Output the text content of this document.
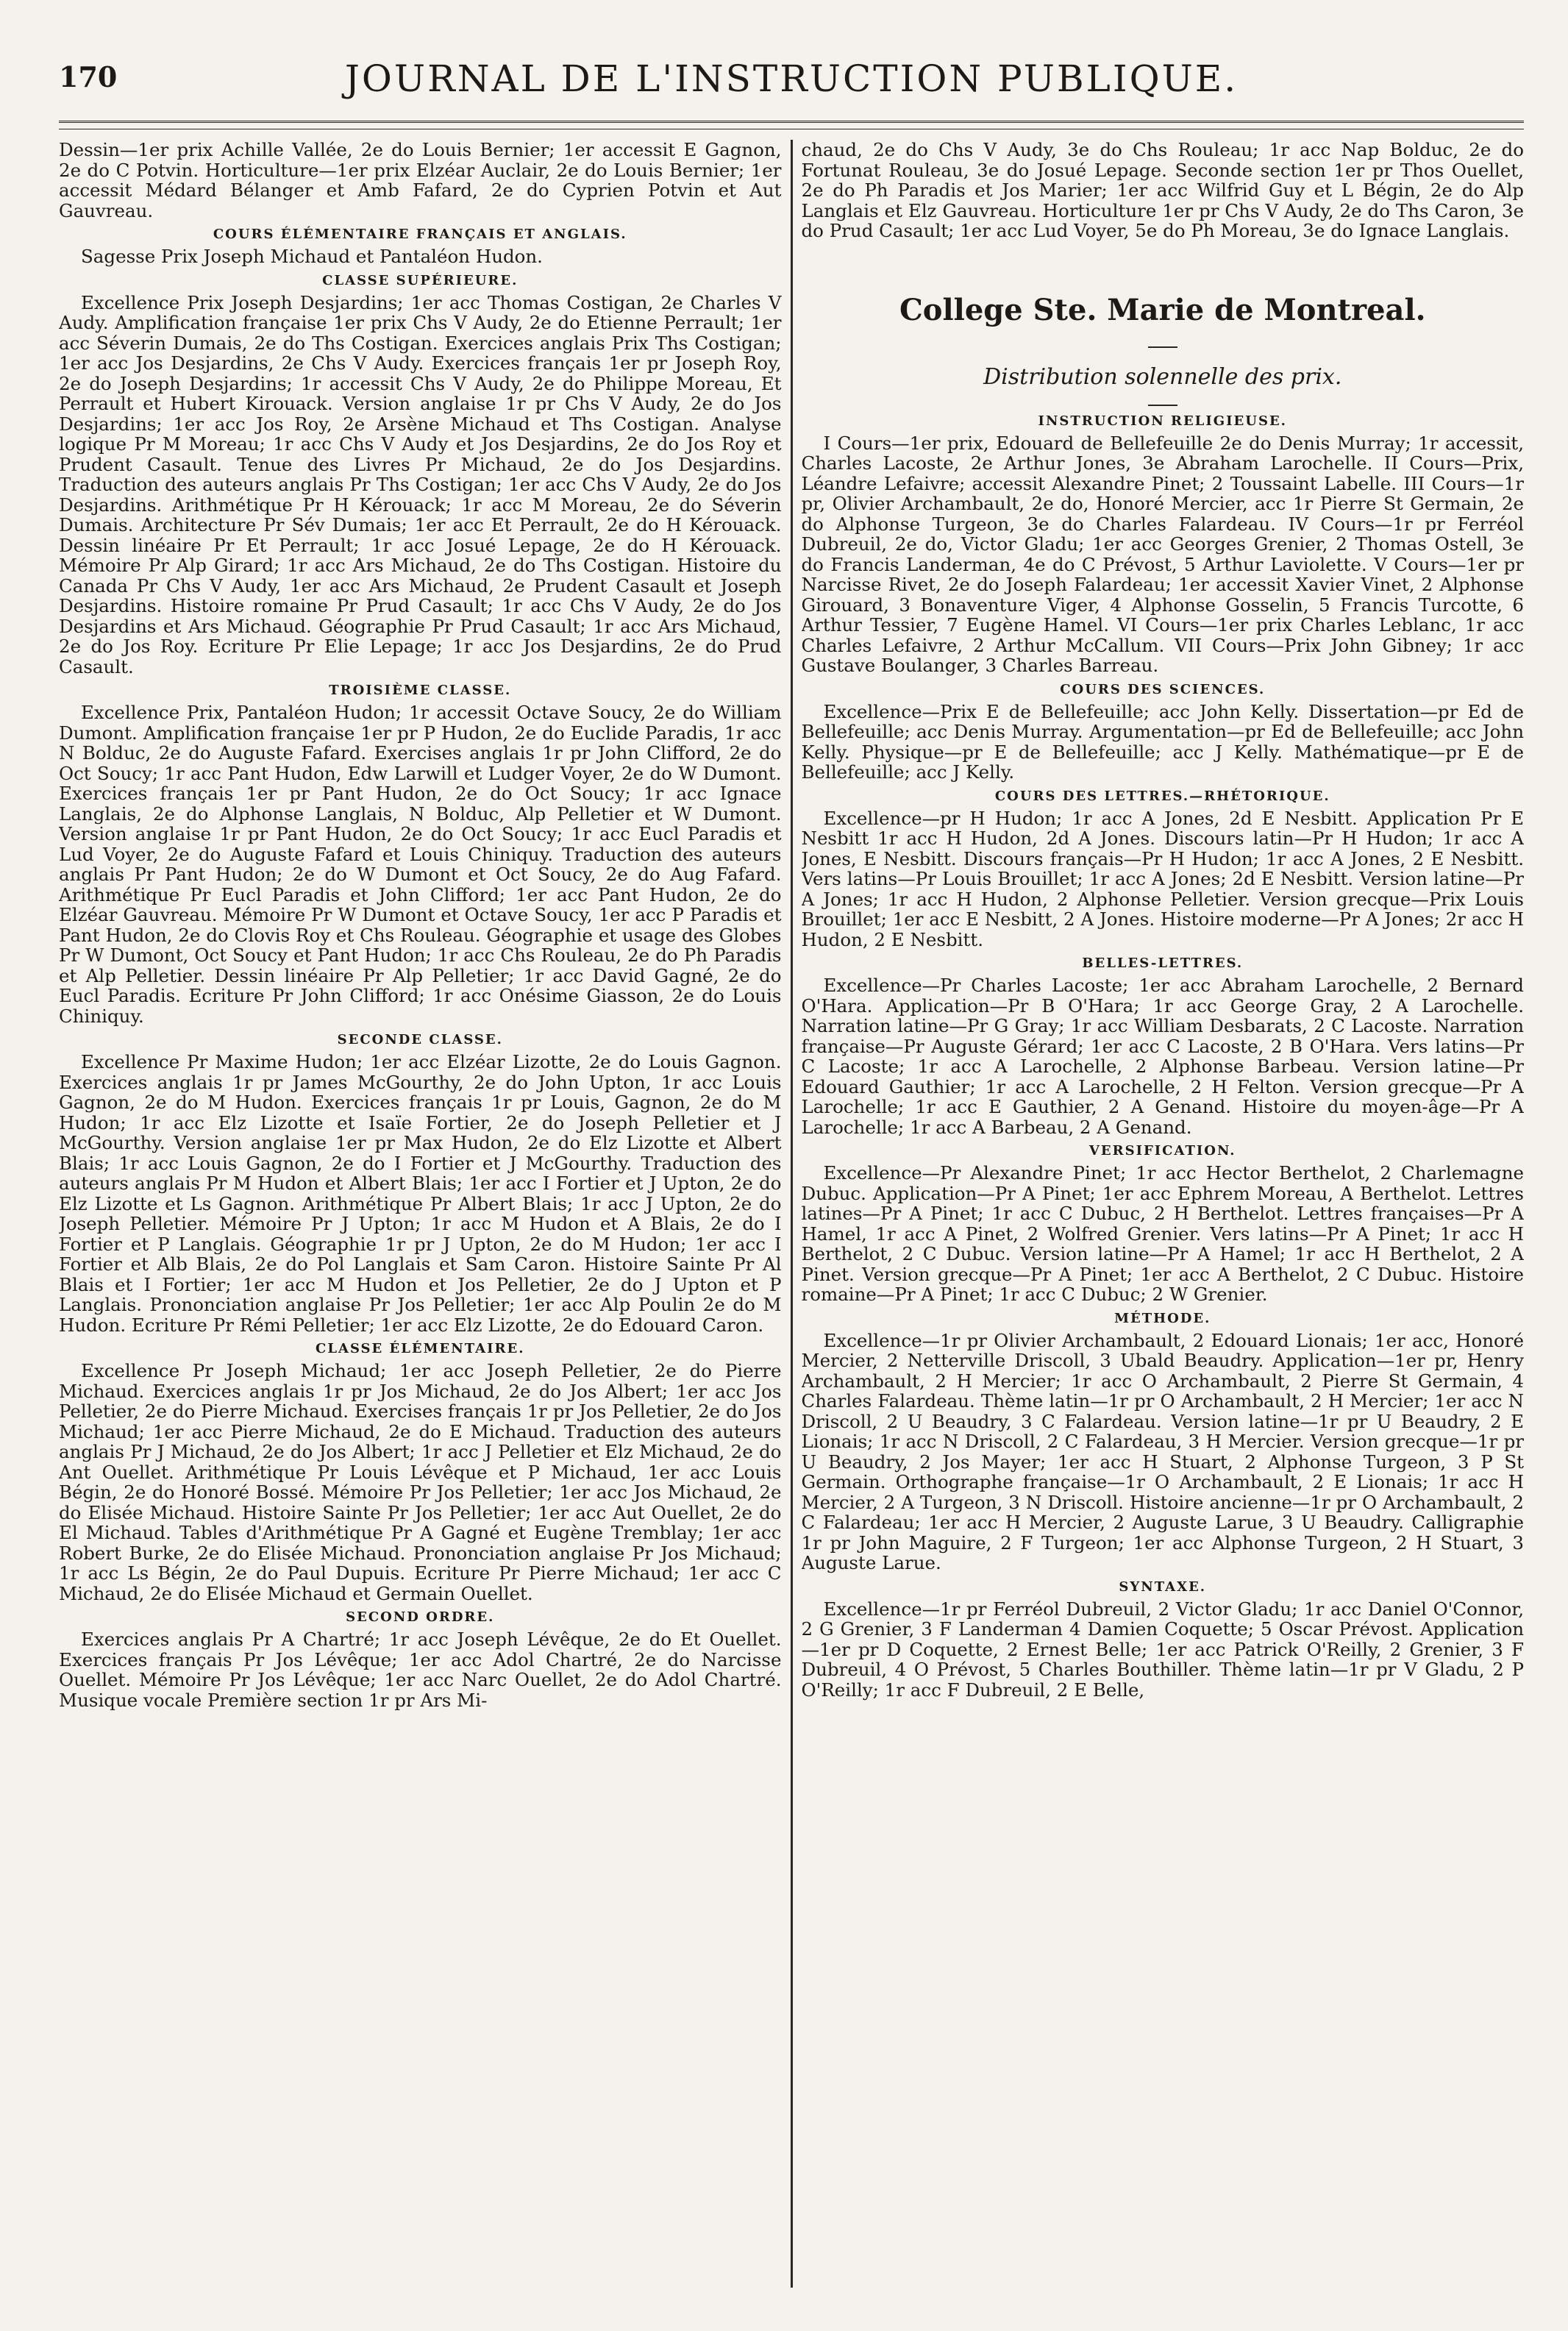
170	JOURNAL DE L'INSTRUCTION PUBLIQUE.

Dessin—1er prix Achille Vallée, 2e do Louis Bernier; 1er accessit E Gagnon, 2e do C Potvin. Horticulture—1er prix Elzéar Auclair, 2e do Louis Bernier; 1er accessit Médard Bélanger et Amb Fafard, 2e do Cyprien Potvin et Aut Gauvreau.

COURS ÉLÉMENTAIRE FRANÇAIS ET ANGLAIS.

Sagesse Prix Joseph Michaud et Pantaléon Hudon.

CLASSE SUPÉRIEURE.

Excellence Prix Joseph Desjardins; 1er acc Thomas Costigan, 2e Charles V Audy. Amplification française 1er prix Chs V Audy, 2e do Etienne Perrault; 1er acc Séverin Dumais, 2e do Ths Costigan. Exercices anglais Prix Ths Costigan; 1er acc Jos Desjardins, 2e Chs V Audy. Exercices français 1er pr Joseph Roy, 2e do Joseph Desjardins; 1r accessit Chs V Audy, 2e do Philippe Moreau, Et Perrault et Hubert Kirouack. Version anglaise 1r pr Chs V Audy, 2e do Jos Desjardins; 1er acc Jos Roy, 2e Arsène Michaud et Ths Costigan. Analyse logique Pr M Moreau; 1r acc Chs V Audy et Jos Desjardins, 2e do Jos Roy et Prudent Casault. Tenue des Livres Pr Michaud, 2e do Jos Desjardins. Traduction des auteurs anglais Pr Ths Costigan; 1er acc Chs V Audy, 2e do Jos Desjardins. Arithmétique Pr H Kérouack; 1r acc M Moreau, 2e do Séverin Dumais. Architecture Pr Sév Dumais; 1er acc Et Perrault, 2e do H Kérouack. Dessin linéaire Pr Et Perrault; 1r acc Josué Lepage, 2e do H Kérouack. Mémoire Pr Alp Girard; 1r acc Ars Michaud, 2e do Ths Costigan. Histoire du Canada Pr Chs V Audy, 1er acc Ars Michaud, 2e Prudent Casault et Joseph Desjardins. Histoire romaine Pr Prud Casault; 1r acc Chs V Audy, 2e do Jos Desjardins et Ars Michaud. Géographie Pr Prud Casault; 1r acc Ars Michaud, 2e do Jos Roy. Ecriture Pr Elie Lepage; 1r acc Jos Desjardins, 2e do Prud Casault.

TROISIÈME CLASSE.

Excellence Prix, Pantaléon Hudon; 1r accessit Octave Soucy, 2e do William Dumont. Amplification française 1er pr P Hudon, 2e do Euclide Paradis, 1r acc N Bolduc, 2e do Auguste Fafard. Exercises anglais 1r pr John Clifford, 2e do Oct Soucy; 1r acc Pant Hudon, Edw Larwill et Ludger Voyer, 2e do W Dumont. Exercices français 1er pr Pant Hudon, 2e do Oct Soucy; 1r acc Ignace Langlais, 2e do Alphonse Langlais, N Bolduc, Alp Pelletier et W Dumont. Version anglaise 1r pr Pant Hudon, 2e do Oct Soucy; 1r acc Eucl Paradis et Lud Voyer, 2e do Auguste Fafard et Louis Chiniquy. Traduction des auteurs anglais Pr Pant Hudon; 2e do W Dumont et Oct Soucy, 2e do Aug Fafard. Arithmétique Pr Eucl Paradis et John Clifford; 1er acc Pant Hudon, 2e do Elzéar Gauvreau. Mémoire Pr W Dumont et Octave Soucy, 1er acc P Paradis et Pant Hudon, 2e do Clovis Roy et Chs Rouleau. Géographie et usage des Globes Pr W Dumont, Oct Soucy et Pant Hudon; 1r acc Chs Rouleau, 2e do Ph Paradis et Alp Pelletier. Dessin linéaire Pr Alp Pelletier; 1r acc David Gagné, 2e do Eucl Paradis. Ecriture Pr John Clifford; 1r acc Onésime Giasson, 2e do Louis Chiniquy.

SECONDE CLASSE.

Excellence Pr Maxime Hudon; 1er acc Elzéar Lizotte, 2e do Louis Gagnon. Exercices anglais 1r pr James McGourthy, 2e do John Upton, 1r acc Louis Gagnon, 2e do M Hudon. Exercices français 1r pr Louis, Gagnon, 2e do M Hudon; 1r acc Elz Lizotte et Isaïe Fortier, 2e do Joseph Pelletier et J McGourthy. Version anglaise 1er pr Max Hudon, 2e do Elz Lizotte et Albert Blais; 1r acc Louis Gagnon, 2e do I Fortier et J McGourthy. Traduction des auteurs anglais Pr M Hudon et Albert Blais; 1er acc I Fortier et J Upton, 2e do Elz Lizotte et Ls Gagnon. Arithmétique Pr Albert Blais; 1r acc J Upton, 2e do Joseph Pelletier. Mémoire Pr J Upton; 1r acc M Hudon et A Blais, 2e do I Fortier et P Langlais. Géographie 1r pr J Upton, 2e do M Hudon; 1er acc I Fortier et Alb Blais, 2e do Pol Langlais et Sam Caron. Histoire Sainte Pr Al Blais et I Fortier; 1er acc M Hudon et Jos Pelletier, 2e do J Upton et P Langlais. Prononciation anglaise Pr Jos Pelletier; 1er acc Alp Poulin 2e do M Hudon. Ecriture Pr Rémi Pelletier; 1er acc Elz Lizotte, 2e do Edouard Caron.

CLASSE ÉLÉMENTAIRE.

Excellence Pr Joseph Michaud; 1er acc Joseph Pelletier, 2e do Pierre Michaud. Exercices anglais 1r pr Jos Michaud, 2e do Jos Albert; 1er acc Jos Pelletier, 2e do Pierre Michaud. Exercises français 1r pr Jos Pelletier, 2e do Jos Michaud; 1er acc Pierre Michaud, 2e do E Michaud. Traduction des auteurs anglais Pr J Michaud, 2e do Jos Albert; 1r acc J Pelletier et Elz Michaud, 2e do Ant Ouellet. Arithmétique Pr Louis Lévêque et P Michaud, 1er acc Louis Bégin, 2e do Honoré Bossé. Mémoire Pr Jos Pelletier; 1er acc Jos Michaud, 2e do Elisée Michaud. Histoire Sainte Pr Jos Pelletier; 1er acc Aut Ouellet, 2e do El Michaud. Tables d'Arithmétique Pr A Gagné et Eugène Tremblay; 1er acc Robert Burke, 2e do Elisée Michaud. Prononciation anglaise Pr Jos Michaud; 1r acc Ls Bégin, 2e do Paul Dupuis. Ecriture Pr Pierre Michaud; 1er acc C Michaud, 2e do Elisée Michaud et Germain Ouellet.

SECOND ORDRE.

Exercices anglais Pr A Chartré; 1r acc Joseph Lévêque, 2e do Et Ouellet. Exercices français Pr Jos Lévêque; 1er acc Adol Chartré, 2e do Narcisse Ouellet. Mémoire Pr Jos Lévêque; 1er acc Narc Ouellet, 2e do Adol Chartré. Musique vocale Première section 1r pr Ars Mi-

chaud, 2e do Chs V Audy, 3e do Chs Rouleau; 1r acc Nap Bolduc, 2e do Fortunat Rouleau, 3e do Josué Lepage. Seconde section 1er pr Thos Ouellet, 2e do Ph Paradis et Jos Marier; 1er acc Wilfrid Guy et L Bégin, 2e do Alp Langlais et Elz Gauvreau. Horticulture 1er pr Chs V Audy, 2e do Ths Caron, 3e do Prud Casault; 1er acc Lud Voyer, 5e do Ph Moreau, 3e do Ignace Langlais.

College Ste. Marie de Montreal.
Distribution solennelle des prix.
INSTRUCTION RELIGIEUSE.

I Cours—1er prix, Edouard de Bellefeuille 2e do Denis Murray; 1r accessit, Charles Lacoste, 2e Arthur Jones, 3e Abraham Larochelle. II Cours—Prix, Léandre Lefaivre; accessit Alexandre Pinet; 2 Toussaint Labelle. III Cours—1r pr, Olivier Archambault, 2e do, Honoré Mercier, acc 1r Pierre St Germain, 2e do Alphonse Turgeon, 3e do Charles Falardeau. IV Cours—1r pr Ferréol Dubreuil, 2e do, Victor Gladu; 1er acc Georges Grenier, 2 Thomas Ostell, 3e do Francis Landerman, 4e do C Prévost, 5 Arthur Laviolette. V Cours—1er pr Narcisse Rivet, 2e do Joseph Falardeau; 1er accessit Xavier Vinet, 2 Alphonse Girouard, 3 Bonaventure Viger, 4 Alphonse Gosselin, 5 Francis Turcotte, 6 Arthur Tessier, 7 Eugène Hamel. VI Cours—1er prix Charles Leblanc, 1r acc Charles Lefaivre, 2 Arthur McCallum. VII Cours—Prix John Gibney; 1r acc Gustave Boulanger, 3 Charles Barreau.

COURS DES SCIENCES.

Excellence—Prix E de Bellefeuille; acc John Kelly. Dissertation—pr Ed de Bellefeuille; acc Denis Murray. Argumentation—pr Ed de Bellefeuille; acc John Kelly. Physique—pr E de Bellefeuille; acc J Kelly. Mathématique—pr E de Bellefeuille; acc J Kelly.

COURS DES LETTRES.—RHÉTORIQUE.

Excellence—pr H Hudon; 1r acc A Jones, 2d E Nesbitt. Application Pr E Nesbitt 1r acc H Hudon, 2d A Jones. Discours latin—Pr H Hudon; 1r acc A Jones, E Nesbitt. Discours français—Pr H Hudon; 1r acc A Jones, 2 E Nesbitt. Vers latins—Pr Louis Brouillet; 1r acc A Jones; 2d E Nesbitt. Version latine—Pr A Jones; 1r acc H Hudon, 2 Alphonse Pelletier. Version grecque—Prix Louis Brouillet; 1er acc E Nesbitt, 2 A Jones. Histoire moderne—Pr A Jones; 2r acc H Hudon, 2 E Nesbitt.

BELLES-LETTRES.

Excellence—Pr Charles Lacoste; 1er acc Abraham Larochelle, 2 Bernard O'Hara. Application—Pr B O'Hara; 1r acc George Gray, 2 A Larochelle. Narration latine—Pr G Gray; 1r acc William Desbarats, 2 C Lacoste. Narration française—Pr Auguste Gérard; 1er acc C Lacoste, 2 B O'Hara. Vers latins—Pr C Lacoste; 1r acc A Larochelle, 2 Alphonse Barbeau. Version latine—Pr Edouard Gauthier; 1r acc A Larochelle, 2 H Felton. Version grecque—Pr A Larochelle; 1r acc E Gauthier, 2 A Genand. Histoire du moyen-âge—Pr A Larochelle; 1r acc A Barbeau, 2 A Genand.

VERSIFICATION.

Excellence—Pr Alexandre Pinet; 1r acc Hector Berthelot, 2 Charlemagne Dubuc. Application—Pr A Pinet; 1er acc Ephrem Moreau, A Berthelot. Lettres latines—Pr A Pinet; 1r acc C Dubuc, 2 H Berthelot. Lettres françaises—Pr A Hamel, 1r acc A Pinet, 2 Wolfred Grenier. Vers latins—Pr A Pinet; 1r acc H Berthelot, 2 C Dubuc. Version latine—Pr A Hamel; 1r acc H Berthelot, 2 A Pinet. Version grecque—Pr A Pinet; 1er acc A Berthelot, 2 C Dubuc. Histoire romaine—Pr A Pinet; 1r acc C Dubuc; 2 W Grenier.

MÉTHODE.

Excellence—1r pr Olivier Archambault, 2 Edouard Lionais; 1er acc, Honoré Mercier, 2 Netterville Driscoll, 3 Ubald Beaudry. Application—1er pr, Henry Archambault, 2 H Mercier; 1r acc O Archambault, 2 Pierre St Germain, 4 Charles Falardeau. Thème latin—1r pr O Archambault, 2 H Mercier; 1er acc N Driscoll, 2 U Beaudry, 3 C Falardeau. Version latine—1r pr U Beaudry, 2 E Lionais; 1r acc N Driscoll, 2 C Falardeau, 3 H Mercier. Version grecque—1r pr U Beaudry, 2 Jos Mayer; 1er acc H Stuart, 2 Alphonse Turgeon, 3 P St Germain. Orthographe française—1r O Archambault, 2 E Lionais; 1r acc H Mercier, 2 A Turgeon, 3 N Driscoll. Histoire ancienne—1r pr O Archambault, 2 C Falardeau; 1er acc H Mercier, 2 Auguste Larue, 3 U Beaudry. Calligraphie 1r pr John Maguire, 2 F Turgeon; 1er acc Alphonse Turgeon, 2 H Stuart, 3 Auguste Larue.

SYNTAXE.

Excellence—1r pr Ferréol Dubreuil, 2 Victor Gladu; 1r acc Daniel O'Connor, 2 G Grenier, 3 F Landerman 4 Damien Coquette; 5 Oscar Prévost. Application—1er pr D Coquette, 2 Ernest Belle; 1er acc Patrick O'Reilly, 2 Grenier, 3 F Dubreuil, 4 O Prévost, 5 Charles Bouthiller. Thème latin—1r pr V Gladu, 2 P O'Reilly; 1r acc F Dubreuil, 2 E Belle,
